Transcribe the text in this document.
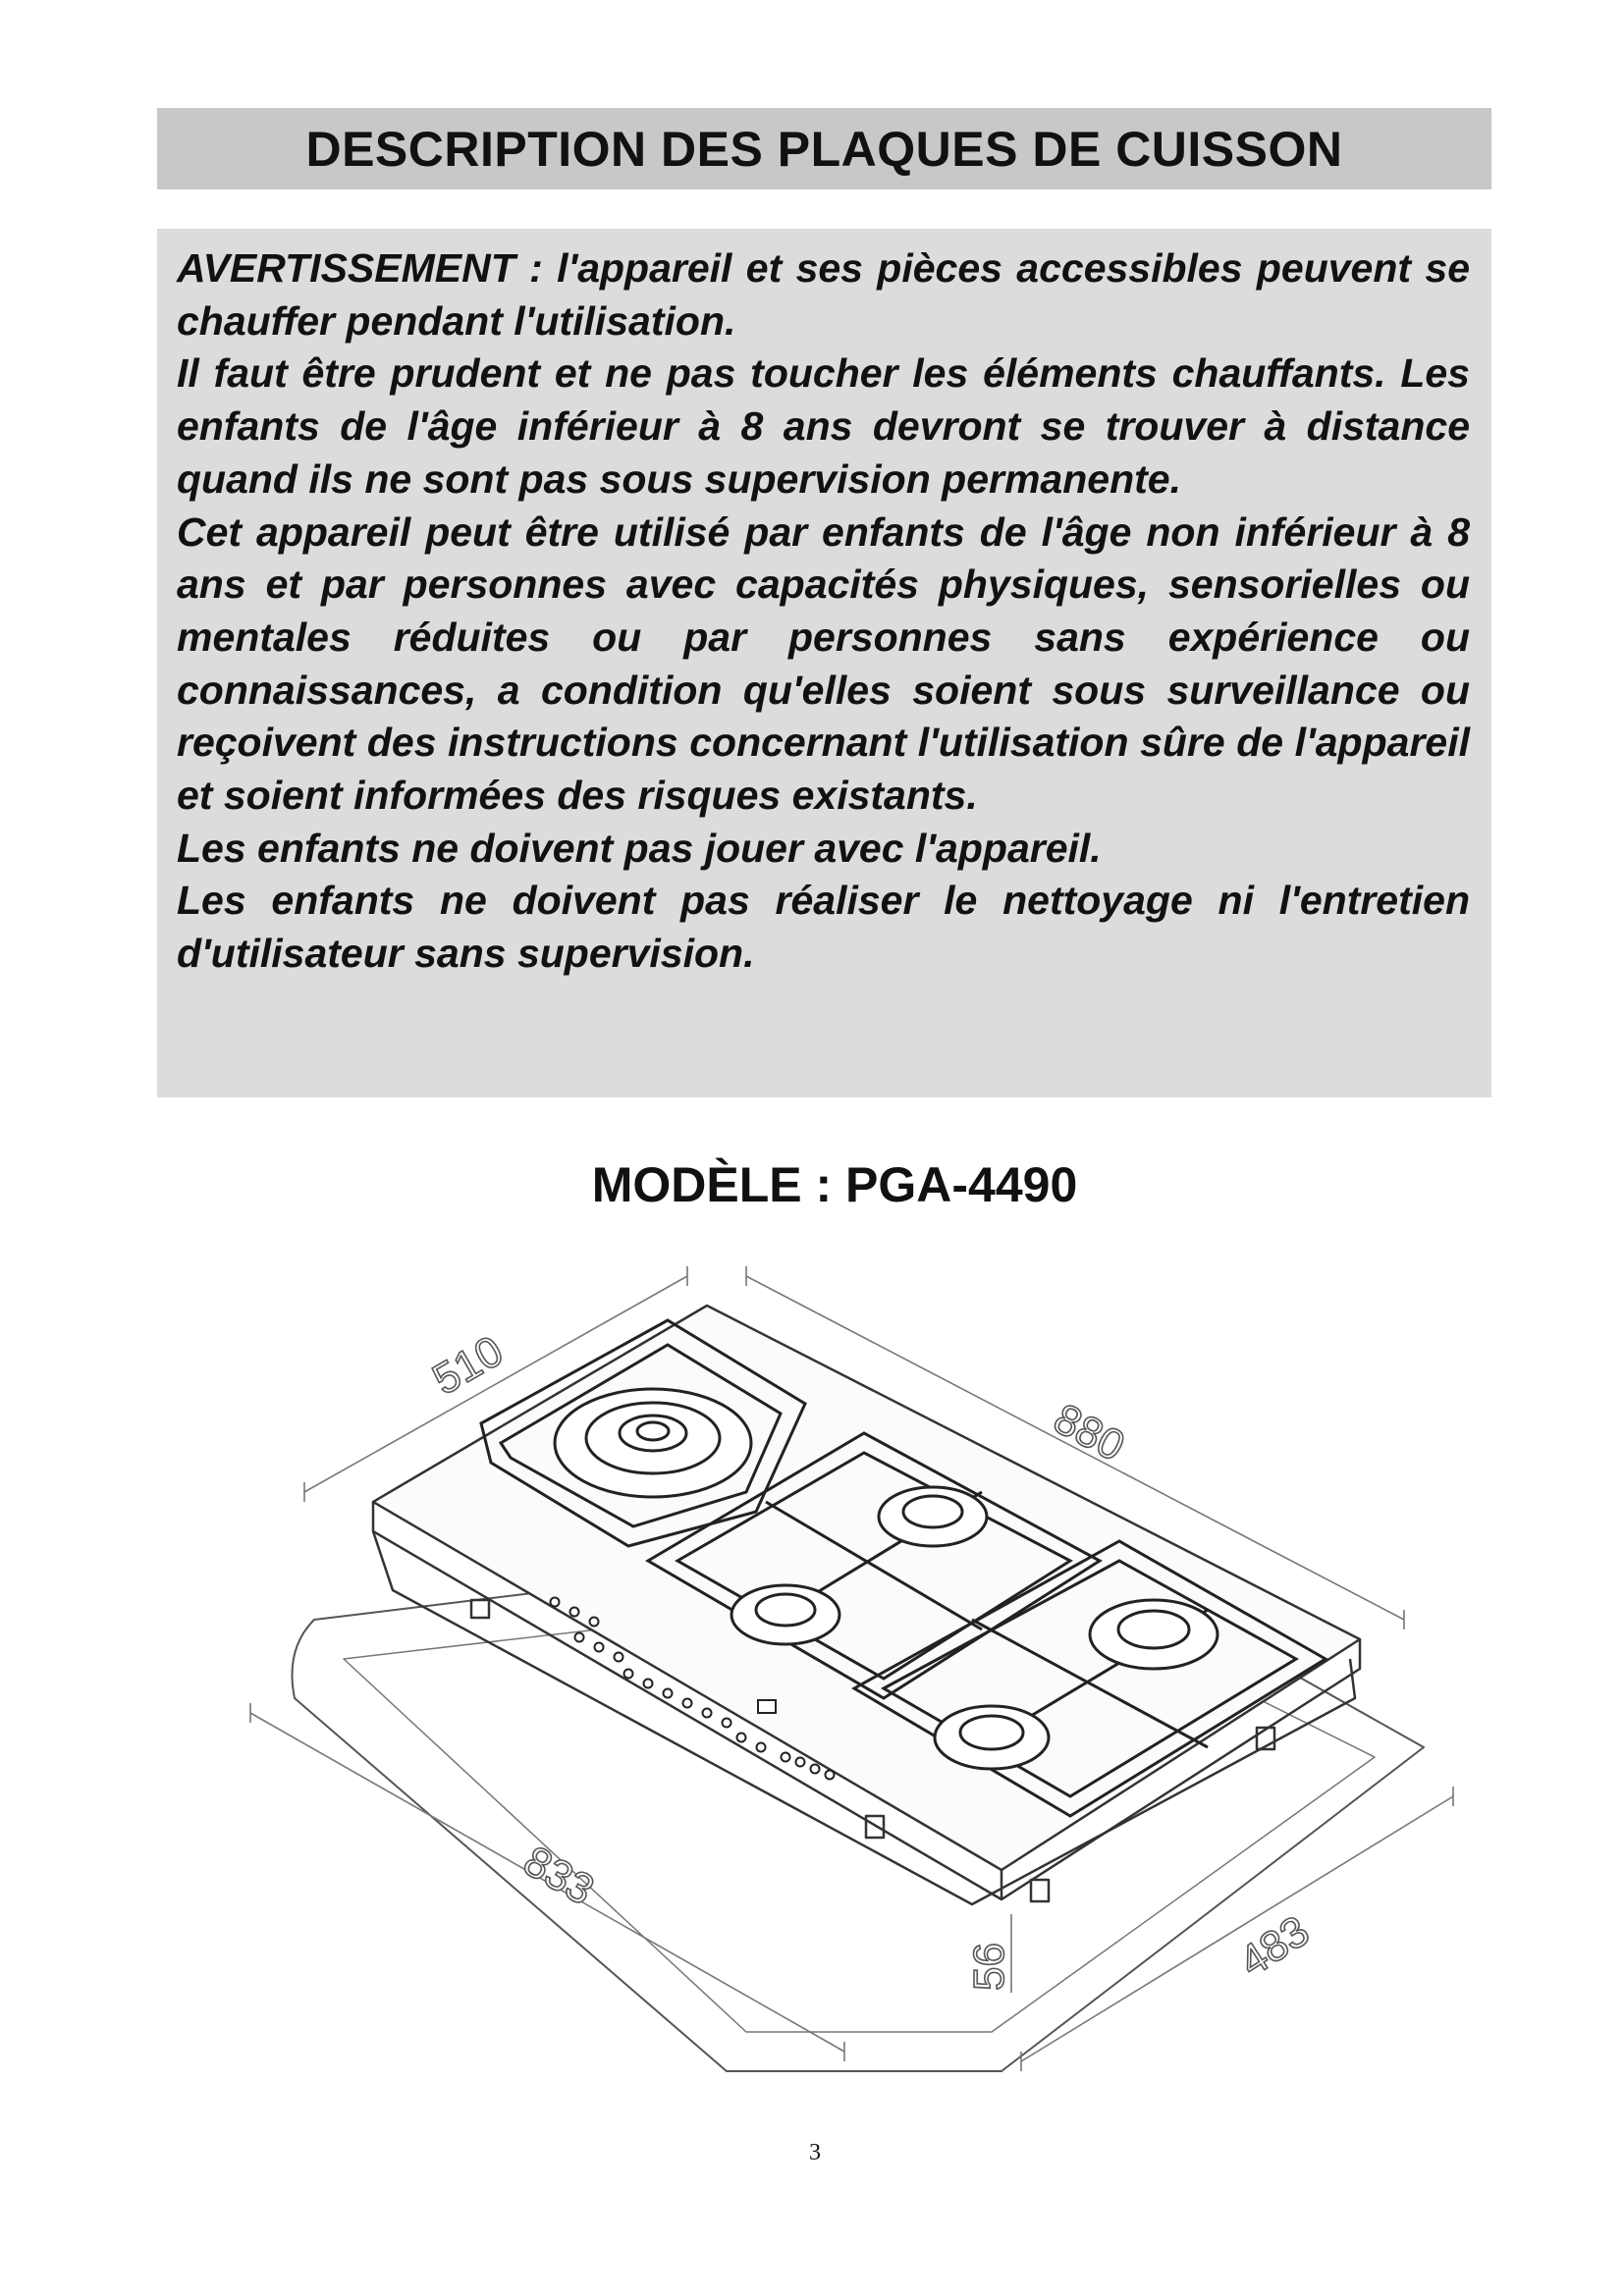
DESCRIPTION DES PLAQUES DE CUISSON

AVERTISSEMENT : l'appareil et ses pièces accessibles peuvent se chauffer pendant l'utilisation.

Il faut être prudent et ne pas toucher les éléments chauffants. Les enfants de l'âge inférieur à 8 ans devront se trouver à distance quand ils ne sont pas sous supervision permanente.

Cet appareil peut être utilisé par enfants de l'âge non inférieur à 8 ans et par personnes avec capacités physiques, sensorielles ou mentales réduites ou par personnes sans expérience ou connaissances, a condition qu'elles soient sous surveillance ou reçoivent des instructions concernant l'utilisation sûre de l'appareil et soient informées des risques existants.

Les enfants ne doivent pas jouer avec l'appareil.

Les enfants ne doivent pas réaliser le nettoyage ni l'entretien d'utilisateur sans supervision.

MODÈLE : PGA-4490
510
880
833
483
56
3
